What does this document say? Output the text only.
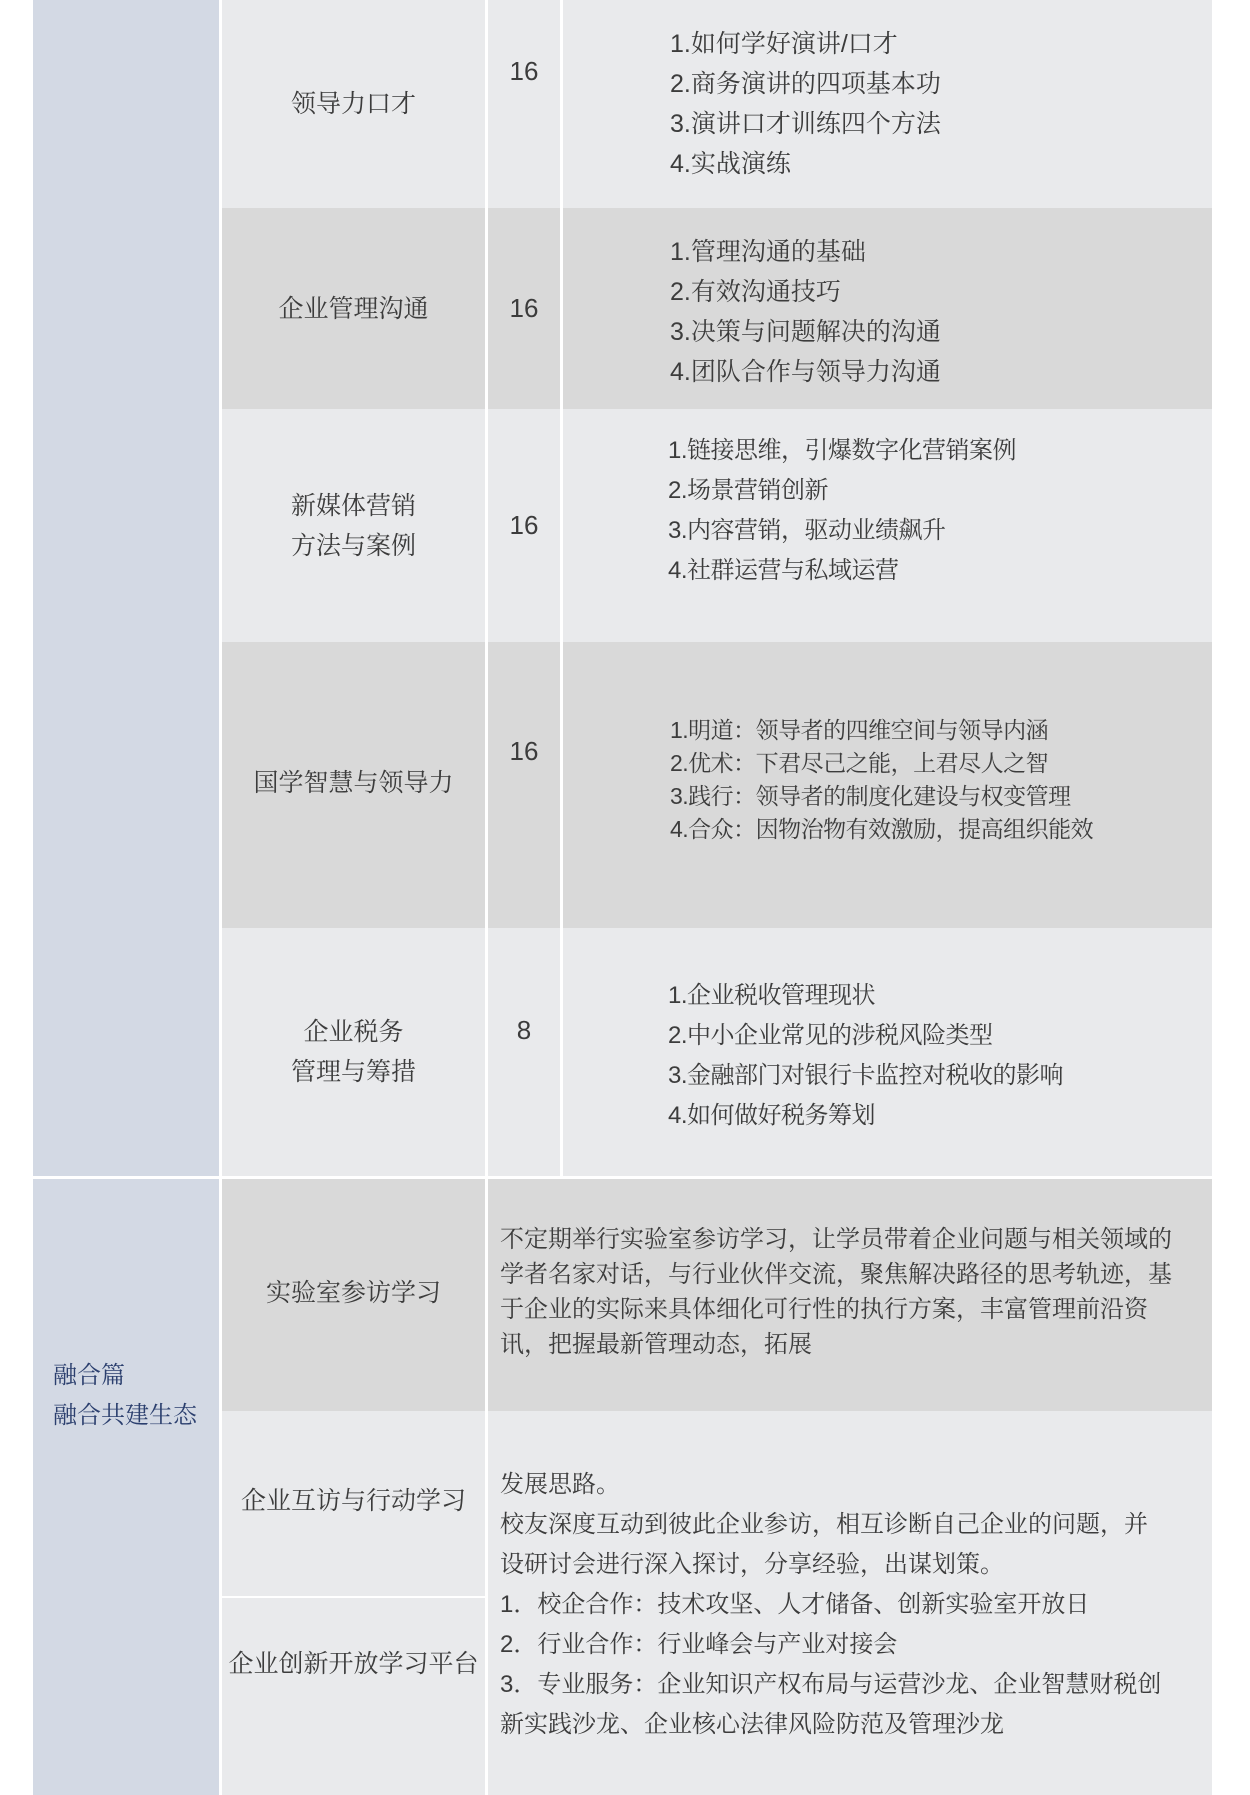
领导力口才
16
1.如何学好演讲/口才
2.商务演讲的四项基本功
3.演讲口才训练四个方法
4.实战演练
企业管理沟通	16
1.管理沟通的基础
2.有效沟通技巧
3.决策与问题解决的沟通
4.团队合作与领导力沟通
新媒体营销
方法与案例
16
1.链接思维，引爆数字化营销案例
2.场景营销创新
3.内容营销，驱动业绩飙升
4.社群运营与私域运营
国学智慧与领导力
16
1.明道：领导者的四维空间与领导内涵
2.优术：下君尽己之能，上君尽人之智
3.践行：领导者的制度化建设与权变管理
4.合众：因物治物有效激励，提高组织能效
企业税务
管理与筹措
8
1.企业税收管理现状
2.中小企业常见的涉税风险类型
3.金融部门对银行卡监控对税收的影响
4.如何做好税务筹划
融合篇
融合共建生态
实验室参访学习
不定期举行实验室参访学习，让学员带着企业问题与相关领域的
学者名家对话，与行业伙伴交流，聚焦解决路径的思考轨迹，基
于企业的实际来具体细化可行性的执行方案，丰富管理前沿资
讯，把握最新管理动态，拓展
企业互访与行动学习
企业创新开放学习平台
发展思路。
校友深度互动到彼此企业参访，相互诊断自己企业的问题，并
设研讨会进行深入探讨，分享经验，出谋划策。
1．校企合作：技术攻坚、人才储备、创新实验室开放日
2．行业合作：行业峰会与产业对接会
3．专业服务：企业知识产权布局与运营沙龙、企业智慧财税创
新实践沙龙、企业核心法律风险防范及管理沙龙
